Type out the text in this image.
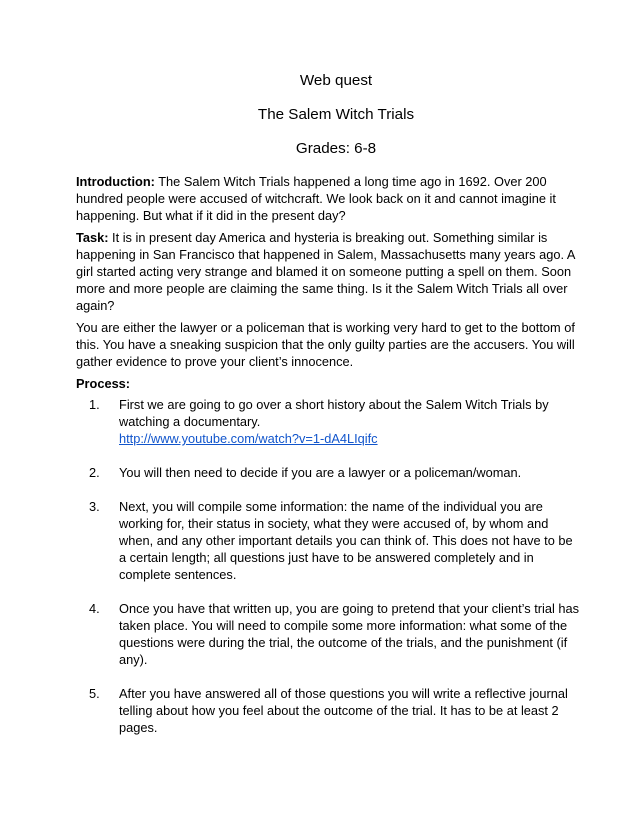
Web quest

The Salem Witch Trials

Grades: 6-8

Introduction: The Salem Witch Trials happened a long time ago in 1692. Over 200 hundred people were accused of witchcraft. We look back on it and cannot imagine it happening. But what if it did in the present day?

Task: It is in present day America and hysteria is breaking out. Something similar is happening in San Francisco that happened in Salem, Massachusetts many years ago. A girl started acting very strange and blamed it on someone putting a spell on them. Soon more and more people are claiming the same thing. Is it the Salem Witch Trials all over again?

You are either the lawyer or a policeman that is working very hard to get to the bottom of this. You have a sneaking suspicion that the only guilty parties are the accusers. You will gather evidence to prove your client’s innocence.

Process:

1. First we are going to go over a short history about the Salem Witch Trials by watching a documentary.
http://www.youtube.com/watch?v=1-dA4LIqifc
2. You will then need to decide if you are a lawyer or a policeman/woman.
3. Next, you will compile some information: the name of the individual you are working for, their status in society, what they were accused of, by whom and when, and any other important details you can think of. This does not have to be a certain length; all questions just have to be answered completely and in complete sentences.
4. Once you have that written up, you are going to pretend that your client’s trial has taken place. You will need to compile some more information: what some of the questions were during the trial, the outcome of the trials, and the punishment (if any).
5. After you have answered all of those questions you will write a reflective journal telling about how you feel about the outcome of the trial. It has to be at least 2 pages.
